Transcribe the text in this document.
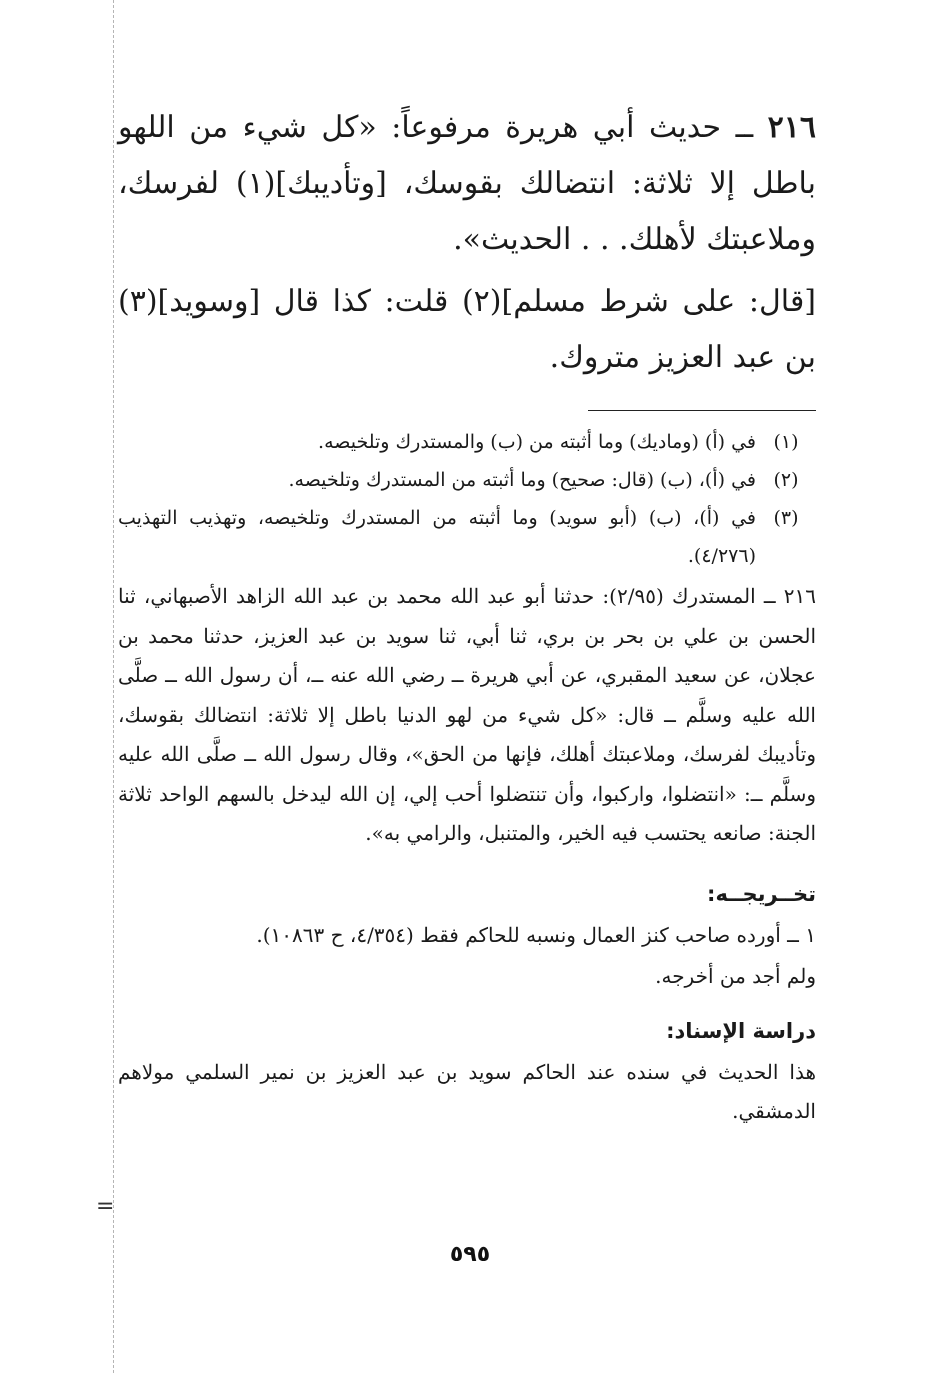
=

٢١٦ ــ حديث أبي هريرة مرفوعاً: «كل شيء من اللهو باطل إلا ثلاثة: انتضالك بقوسك، [وتأديبك](١) لفرسك، وملاعبتك لأهلك. . . الحديث».

[قال: على شرط مسلم](٢) قلت: كذا قال [وسويد](٣) بن عبد العزيز متروك.

(١)
في (أ) (وماديك) وما أثبته من (ب) والمستدرك وتلخيصه.
(٢)
في (أ)، (ب) (قال: صحيح) وما أثبته من المستدرك وتلخيصه.
(٣)
في (أ)، (ب) (أبو سويد) وما أثبته من المستدرك وتلخيصه، وتهذيب التهذيب (٤/٢٧٦).

٢١٦ ــ المستدرك (٢/٩٥): حدثنا أبو عبد الله محمد بن عبد الله الزاهد الأصبهاني، ثنا الحسن بن علي بن بحر بن بري، ثنا أبي، ثنا سويد بن عبد العزيز، حدثنا محمد بن عجلان، عن سعيد المقبري، عن أبي هريرة ــ رضي الله عنه ــ، أن رسول الله ــ صلَّى الله عليه وسلَّم ــ قال: «كل شيء من لهو الدنيا باطل إلا ثلاثة: انتضالك بقوسك، وتأديبك لفرسك، وملاعبتك أهلك، فإنها من الحق»، وقال رسول الله ــ صلَّى الله عليه وسلَّم ــ: «انتضلوا، واركبوا، وأن تنتضلوا أحب إلي، إن الله ليدخل بالسهم الواحد ثلاثة الجنة: صانعه يحتسب فيه الخير، والمتنبل، والرامي به».

تخــريجــه:

١ ــ أورده صاحب كنز العمال ونسبه للحاكم فقط (٤/٣٥٤، ح ١٠٨٦٣).

ولم أجد من أخرجه.

دراسة الإسناد:

هذا الحديث في سنده عند الحاكم سويد بن عبد العزيز بن نمير السلمي مولاهم الدمشقي.

٥٩٥
